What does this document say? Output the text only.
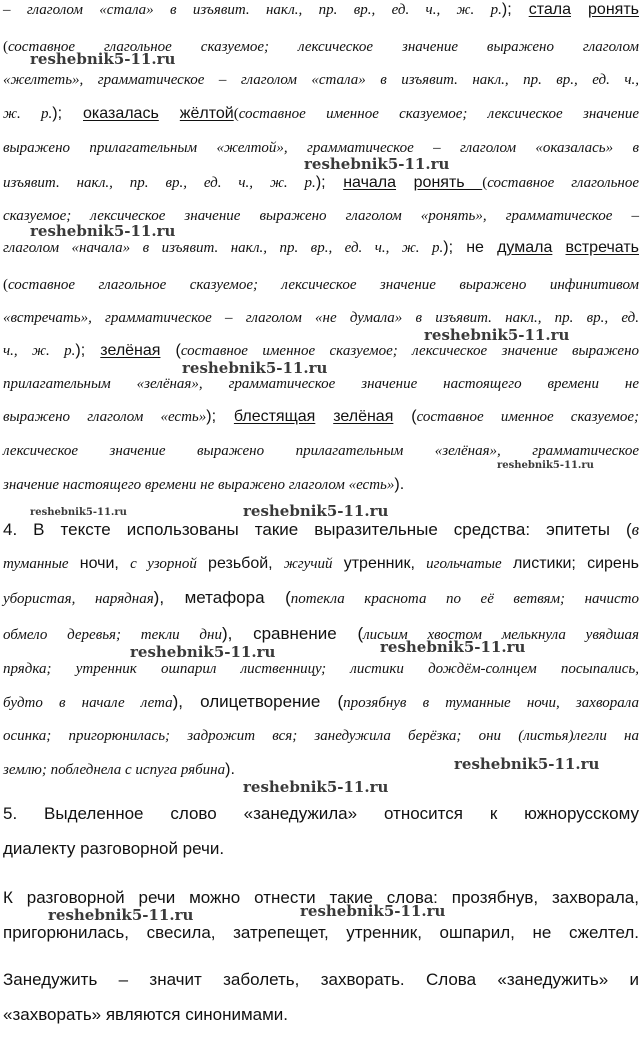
– глаголом «стала» в изъявит. накл., пр. вр., ед. ч., ж. р.); стала ронять
(составное глагольное сказуемое; лексическое значение выражено глаголом
«желтеть», грамматическое – глаголом «стала» в изъявит. накл., пр. вр., ед. ч.,
ж. р.); оказалась жёлтой(составное именное сказуемое; лексическое значение
выражено прилагательным «желтой», грамматическое – глаголом «оказалась» в
изъявит. накл., пр. вр., ед. ч., ж. р.); начала ронять (составное глагольное
сказуемое; лексическое значение выражено глаголом «ронять», грамматическое –
глаголом «начала» в изъявит. накл., пр. вр., ед. ч., ж. р.); не думала встречать
(составное глагольное сказуемое; лексическое значение выражено инфинитивом
«встречать», грамматическое – глаголом «не думала» в изъявит. накл., пр. вр., ед.
ч., ж. р.); зелёная (составное именное сказуемое; лексическое значение выражено
прилагательным «зелёная», грамматическое значение настоящего времени не
выражено глаголом «есть»); блестящая зелёная (составное именное сказуемое;
лексическое значение выражено прилагательным «зелёная», грамматическое
значение настоящего времени не выражено глаголом «есть»).
4. В тексте использованы такие выразительные средства: эпитеты (в
туманные ночи, с узорной резьбой, жгучий утренник, игольчатые листики; сирень
убористая, нарядная), метафора (потекла краснота по её ветвям; начисто
обмело деревья; текли дни), сравнение (лисьим хвостом мелькнула увядшая
прядка; утренник ошпарил лиственницу; листики дождём-солнцем посыпались,
будто в начале лета), олицетворение (прозябнув в туманные ночи, захворала
осинка; пригорюнилась; задрожит вся; занедужила берёзка; они (листья)легли на
землю; побледнела с испуга рябина).
5. Выделенное слово «занедужила» относится к южнорусскому
диалекту разговорной речи.
К разговорной речи можно отнести такие слова: прозябнув, захворала,
пригорюнилась, свесила, затрепещет, утренник, ошпарил, не сжелтел.
Занедужить – значит заболеть, захворать. Слова «занедужить» и
«захворать» являются синонимами.
reshebnik5-11.ru
reshebnik5-11.ru
reshebnik5-11.ru
reshebnik5-11.ru
reshebnik5-11.ru
reshebnik5-11.ru
reshebnik5-11.ru	reshebnik5-11.ru
reshebnik5-11.ru	reshebnik5-11.ru
reshebnik5-11.ru
reshebnik5-11.ru
reshebnik5-11.ru	reshebnik5-11.ru
